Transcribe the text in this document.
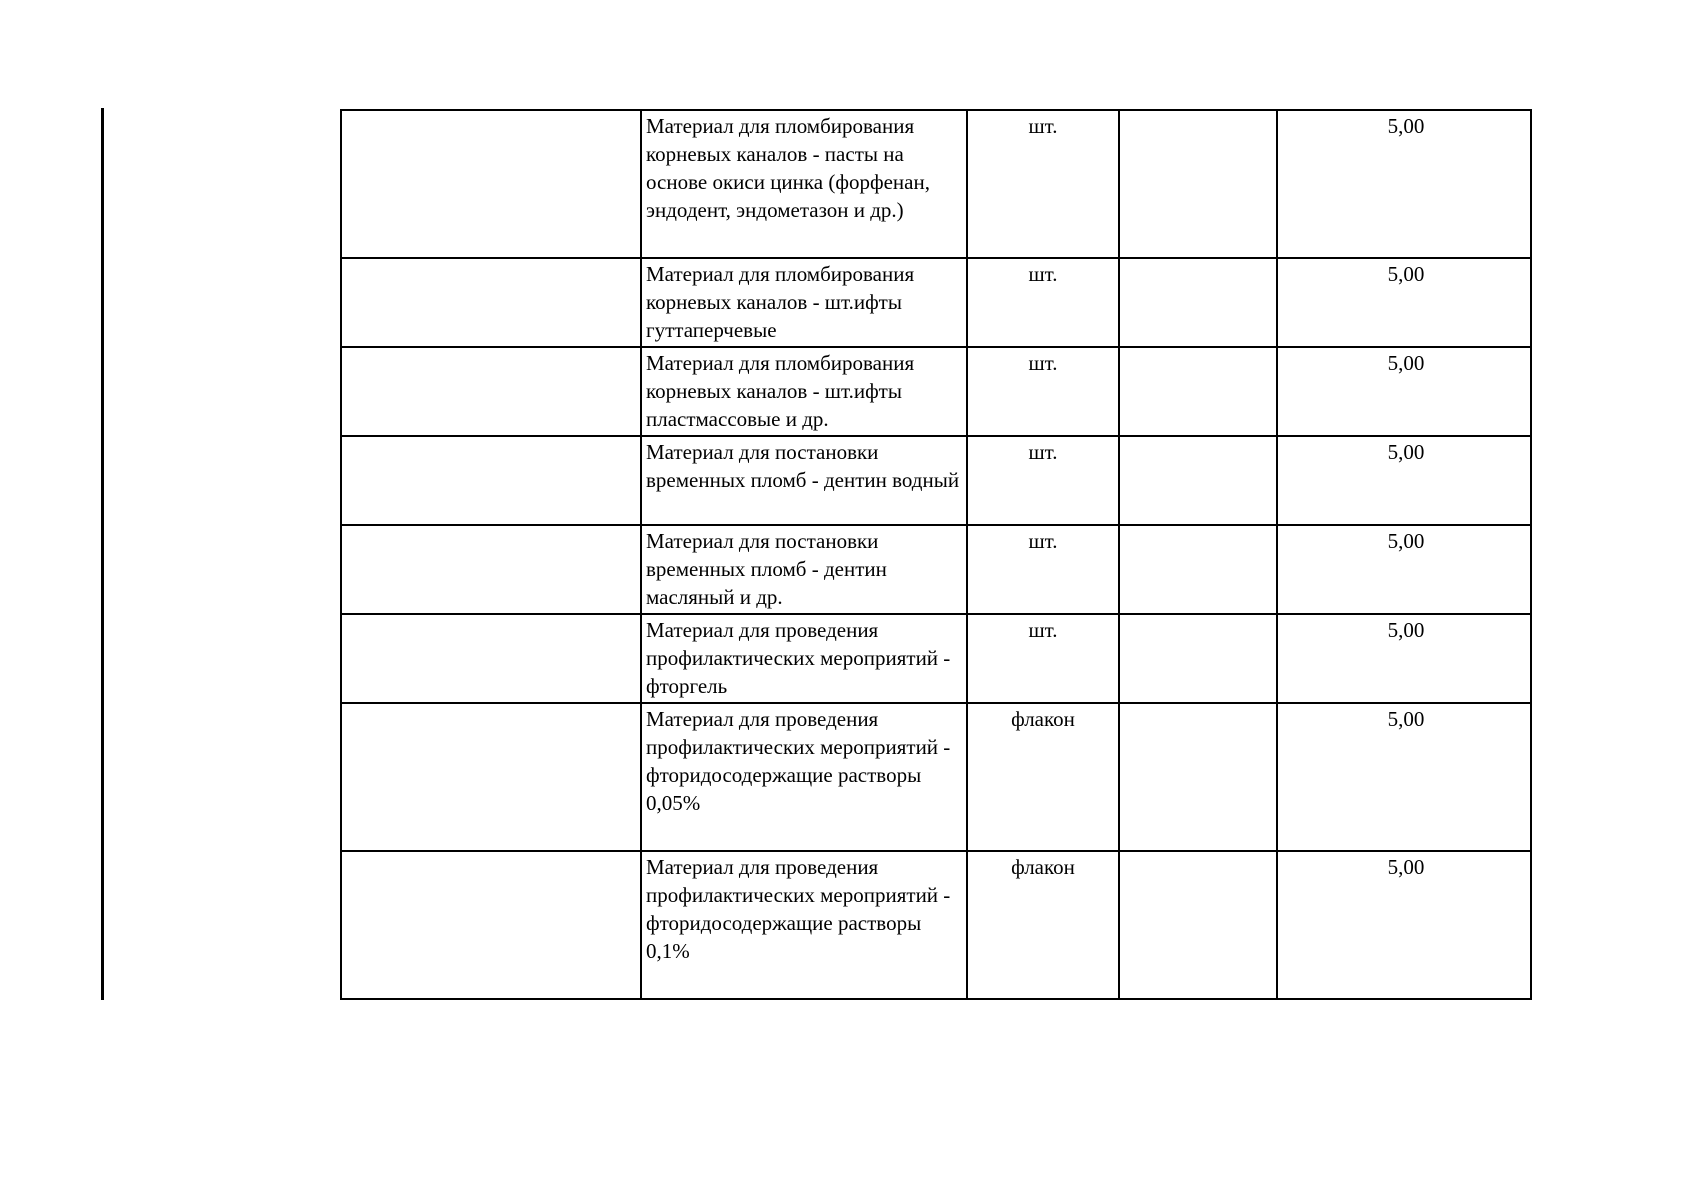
	Материал для пломбирования корневых каналов - пасты на основе окиси цинка (форфенан, эндодент, эндометазон и др.)	шт.		5,00
	Материал для пломбирования корневых каналов - шт.ифты гуттаперчевые	шт.		5,00
	Материал для пломбирования корневых каналов - шт.ифты пластмассовые и др.	шт.		5,00
	Материал для постановки временных пломб - дентин водный	шт.		5,00
	Материал для постановки временных пломб - дентин масляный и др.	шт.		5,00
	Материал для проведения профилактических мероприятий - фторгель	шт.		5,00
	Материал для проведения профилактических мероприятий - фторидосодержащие растворы 0,05%	флакон		5,00
	Материал для проведения профилактических мероприятий - фторидосодержащие растворы 0,1%	флакон		5,00
